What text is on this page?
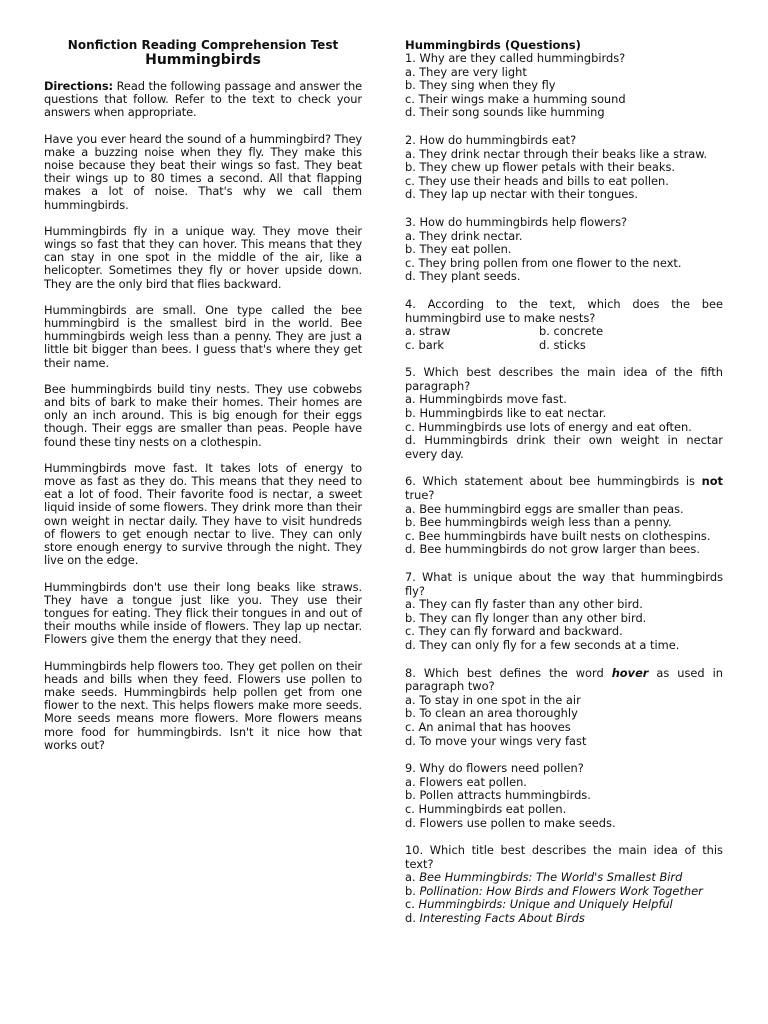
Nonfiction Reading Comprehension Test
Hummingbirds

Directions: Read the following passage and answer the questions that follow. Refer to the text to check your answers when appropriate.

Have you ever heard the sound of a hummingbird? They make a buzzing noise when they fly. They make this noise because they beat their wings so fast. They beat their wings up to 80 times a second. All that flapping makes a lot of noise. That's why we call them hummingbirds.

Hummingbirds fly in a unique way. They move their wings so fast that they can hover. This means that they can stay in one spot in the middle of the air, like a helicopter. Sometimes they fly or hover upside down. They are the only bird that flies backward.

Hummingbirds are small. One type called the bee hummingbird is the smallest bird in the world. Bee hummingbirds weigh less than a penny. They are just a little bit bigger than bees. I guess that's where they get their name.

Bee hummingbirds build tiny nests. They use cobwebs and bits of bark to make their homes. Their homes are only an inch around. This is big enough for their eggs though. Their eggs are smaller than peas. People have found these tiny nests on a clothespin.

Hummingbirds move fast. It takes lots of energy to move as fast as they do. This means that they need to eat a lot of food. Their favorite food is nectar, a sweet liquid inside of some flowers. They drink more than their own weight in nectar daily. They have to visit hundreds of flowers to get enough nectar to live. They can only store enough energy to survive through the night. They live on the edge.

Hummingbirds don't use their long beaks like straws. They have a tongue just like you. They use their tongues for eating. They flick their tongues in and out of their mouths while inside of flowers. They lap up nectar. Flowers give them the energy that they need.

Hummingbirds help flowers too. They get pollen on their heads and bills when they feed. Flowers use pollen to make seeds. Hummingbirds help pollen get from one flower to the next. This helps flowers make more seeds. More seeds means more flowers. More flowers means more food for hummingbirds. Isn't it nice how that works out?

Hummingbirds (Questions)
1. Why are they called hummingbirds?
a. They are very light
b. They sing when they fly
c. Their wings make a humming sound
d. Their song sounds like humming
2. How do hummingbirds eat?
a. They drink nectar through their beaks like a straw.
b. They chew up flower petals with their beaks.
c. They use their heads and bills to eat pollen.
d. They lap up nectar with their tongues.
3. How do hummingbirds help flowers?
a. They drink nectar.
b. They eat pollen.
c. They bring pollen from one flower to the next.
d. They plant seeds.
4. According to the text, which does the bee hummingbird use to make nests?
a. straw	b. concrete
c. bark	d. sticks
5. Which best describes the main idea of the fifth paragraph?
a. Hummingbirds move fast.
b. Hummingbirds like to eat nectar.
c. Hummingbirds use lots of energy and eat often.
d. Hummingbirds drink their own weight in nectar every day.
6. Which statement about bee hummingbirds is not true?
a. Bee hummingbird eggs are smaller than peas.
b. Bee hummingbirds weigh less than a penny.
c. Bee hummingbirds have built nests on clothespins.
d. Bee hummingbirds do not grow larger than bees.
7. What is unique about the way that hummingbirds fly?
a. They can fly faster than any other bird.
b. They can fly longer than any other bird.
c. They can fly forward and backward.
d. They can only fly for a few seconds at a time.
8. Which best defines the word hover as used in paragraph two?
a. To stay in one spot in the air
b. To clean an area thoroughly
c. An animal that has hooves
d. To move your wings very fast
9. Why do flowers need pollen?
a. Flowers eat pollen.
b. Pollen attracts hummingbirds.
c. Hummingbirds eat pollen.
d. Flowers use pollen to make seeds.
10. Which title best describes the main idea of this text?
a. Bee Hummingbirds: The World's Smallest Bird
b. Pollination: How Birds and Flowers Work Together
c. Hummingbirds: Unique and Uniquely Helpful
d. Interesting Facts About Birds
